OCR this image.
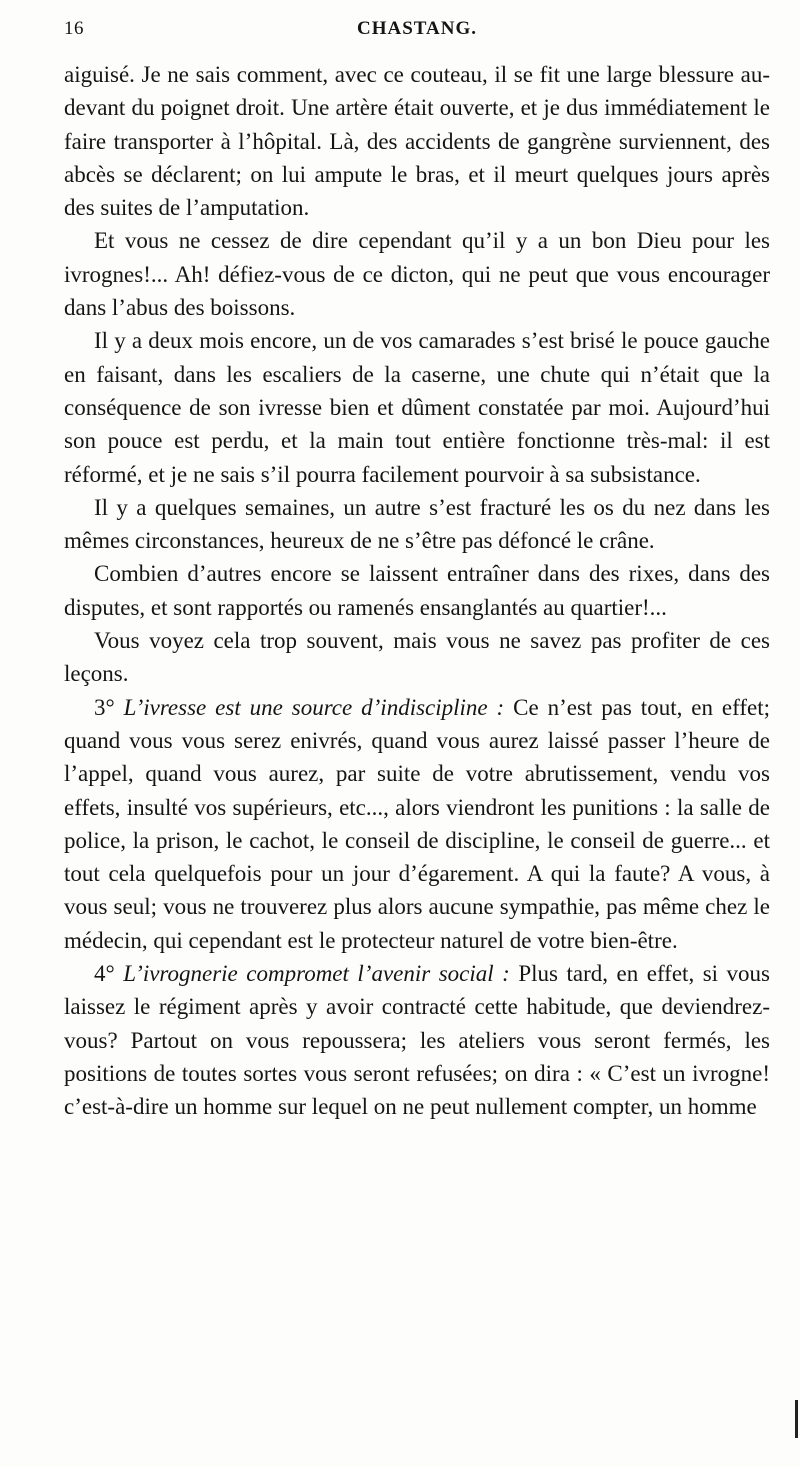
16	CHASTANG.

aiguisé. Je ne sais comment, avec ce couteau, il se fit une large blessure au-devant du poignet droit. Une artère était ouverte, et je dus immédiatement le faire transporter à l’hôpital. Là, des accidents de gangrène surviennent, des abcès se déclarent; on lui ampute le bras, et il meurt quelques jours après des suites de l’amputation.

Et vous ne cessez de dire cependant qu’il y a un bon Dieu pour les ivrognes!... Ah! défiez-vous de ce dicton, qui ne peut que vous encourager dans l’abus des boissons.

Il y a deux mois encore, un de vos camarades s’est brisé le pouce gauche en faisant, dans les escaliers de la caserne, une chute qui n’était que la conséquence de son ivresse bien et dûment constatée par moi. Aujourd’hui son pouce est perdu, et la main tout entière fonctionne très-mal: il est réformé, et je ne sais s’il pourra facilement pourvoir à sa subsistance.

Il y a quelques semaines, un autre s’est fracturé les os du nez dans les mêmes circonstances, heureux de ne s’être pas défoncé le crâne.

Combien d’autres encore se laissent entraîner dans des rixes, dans des disputes, et sont rapportés ou ramenés ensanglantés au quartier!...

Vous voyez cela trop souvent, mais vous ne savez pas profiter de ces leçons.

3° L’ivresse est une source d’indiscipline : Ce n’est pas tout, en effet; quand vous vous serez enivrés, quand vous aurez laissé passer l’heure de l’appel, quand vous aurez, par suite de votre abrutissement, vendu vos effets, insulté vos supérieurs, etc..., alors viendront les punitions : la salle de police, la prison, le cachot, le conseil de discipline, le conseil de guerre... et tout cela quelquefois pour un jour d’égarement. A qui la faute? A vous, à vous seul; vous ne trouverez plus alors aucune sympathie, pas même chez le médecin, qui cependant est le protecteur naturel de votre bien-être.

4° L’ivrognerie compromet l’avenir social : Plus tard, en effet, si vous laissez le régiment après y avoir contracté cette habitude, que deviendrez-vous? Partout on vous repoussera; les ateliers vous seront fermés, les positions de toutes sortes vous seront refusées; on dira : « C’est un ivrogne! c’est-à-dire un homme sur lequel on ne peut nullement compter, un homme
